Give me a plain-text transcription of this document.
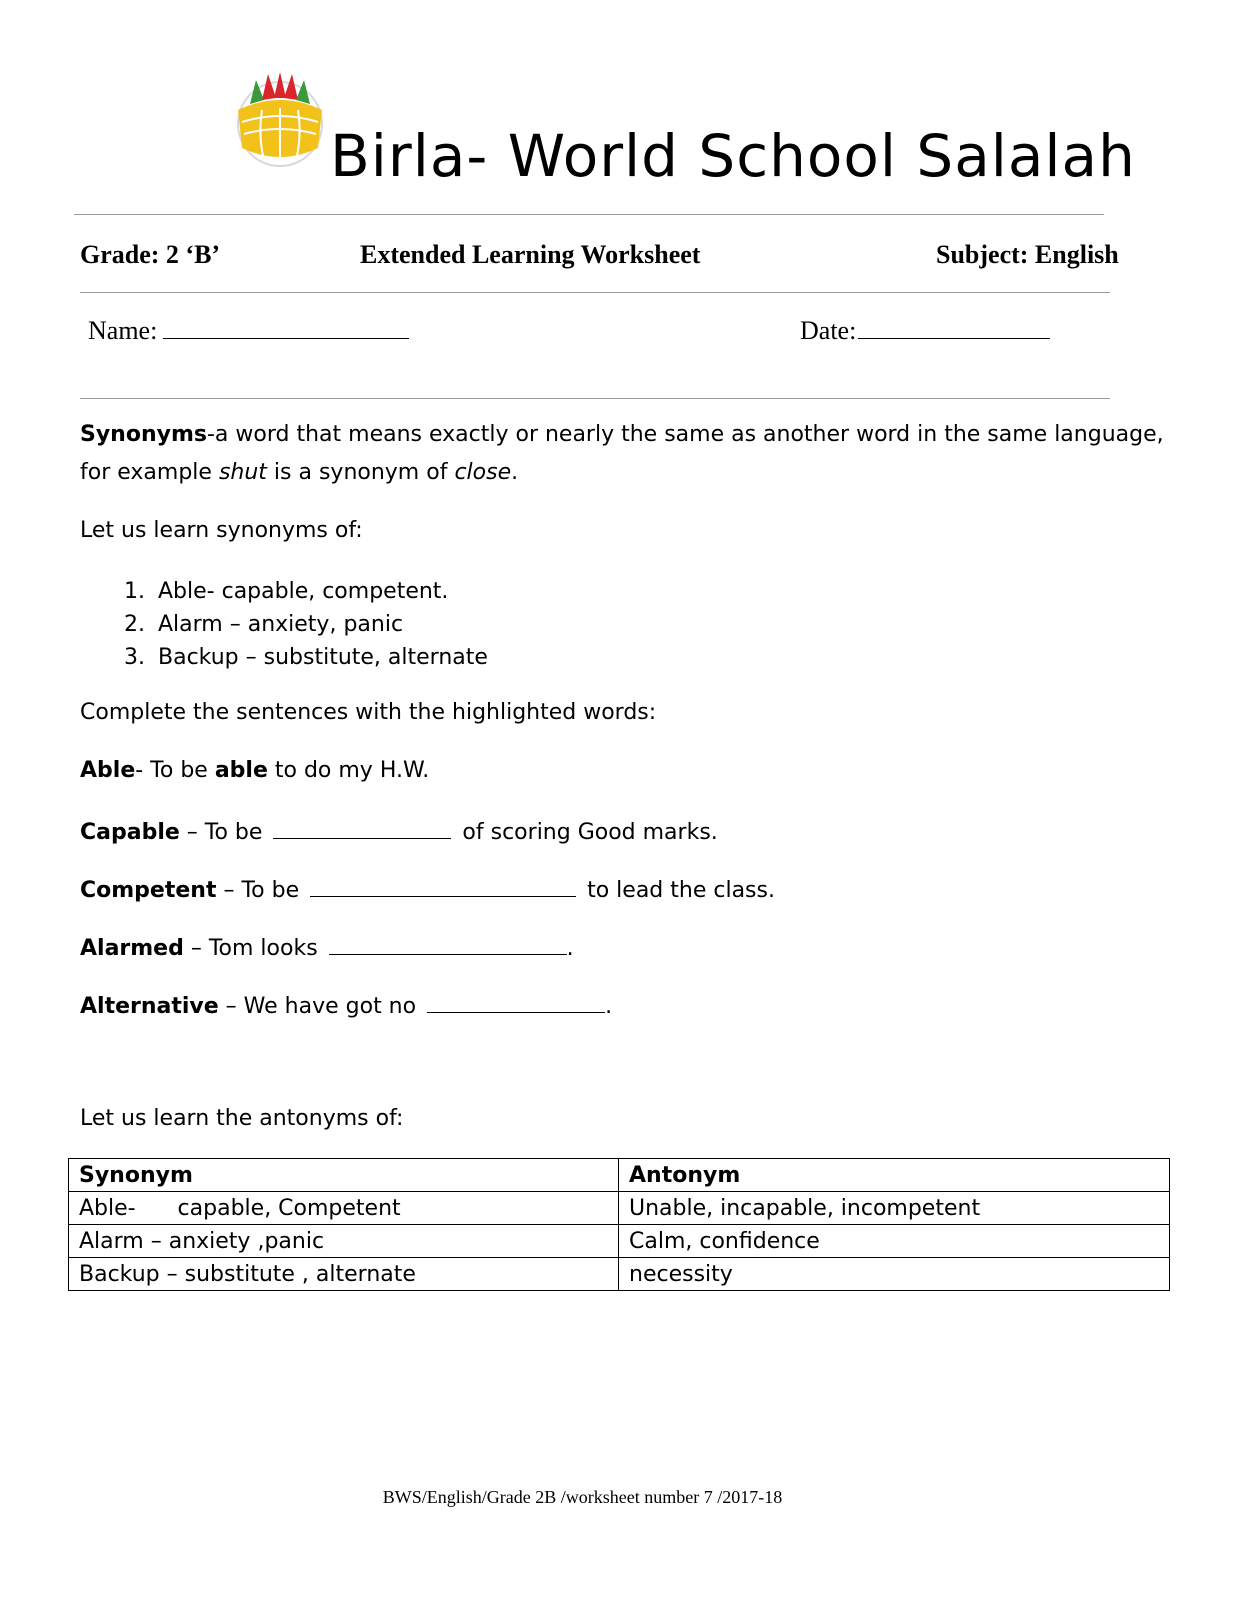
Birla- World School Salalah
Grade: 2 ‘B’	Extended Learning Worksheet	Subject: English
Name:	Date:
Synonyms-a word that means exactly or nearly the same as another word in the same language,
for example shut is a synonym of close.
Let us learn synonyms of:
1. Able- capable, competent.
2. Alarm – anxiety, panic
3. Backup – substitute, alternate
Complete the sentences with the highlighted words:
Able- To be able to do my H.W.
Capable – To be	of scoring Good marks.
Competent – To be	to lead the class.
Alarmed – Tom looks	.
Alternative – We have got no	.
Let us learn the antonyms of:
Synonym	Antonym
Able-      capable, Competent	Unable, incapable, incompetent
Alarm – anxiety ,panic	Calm, confidence
Backup – substitute , alternate	necessity
BWS/English/Grade 2B /worksheet number 7 /2017-18
